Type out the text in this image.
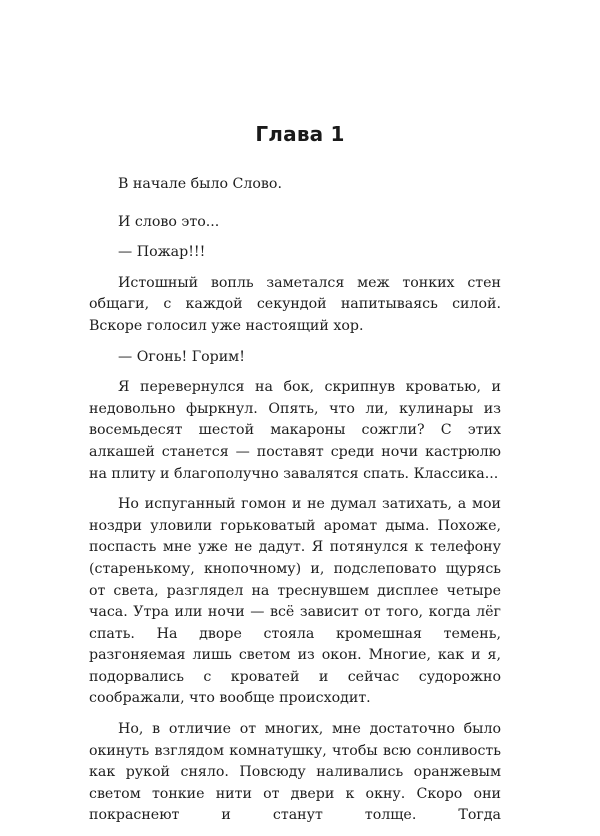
Глава 1

В начале было Слово.

И слово это...

— Пожар!!!

Истошный вопль заметался меж тонких стен общаги, с каждой секундой напитываясь силой. Вскоре голосил уже настоящий хор.

— Огонь! Горим!

Я перевернулся на бок, скрипнув кроватью, и недовольно фыркнул. Опять, что ли, кулинары из восемьдесят шестой макароны сожгли? С этих алкашей станется — поставят среди ночи кастрюлю на плиту и благополучно завалятся спать. Классика...

Но испуганный гомон и не думал затихать, а мои ноздри уловили горьковатый аромат дыма. Похоже, поспасть мне уже не дадут. Я потянулся к телефону (старенькому, кнопочному) и, подслеповато щурясь от света, разглядел на треснувшем дисплее четыре часа. Утра или ночи — всё зависит от того, когда лёг спать. На дворе стояла кромешная темень, разгоняемая лишь светом из окон. Многие, как и я, подорвались с кроватей и сейчас судорожно соображали, что вообще происходит.

Но, в отличие от многих, мне достаточно было окинуть взглядом комнатушку, чтобы всю сонливость как рукой сняло. Повсюду наливались оранжевым светом тонкие нити от двери к окну. Скоро они покраснеют и станут толще. Тогда
